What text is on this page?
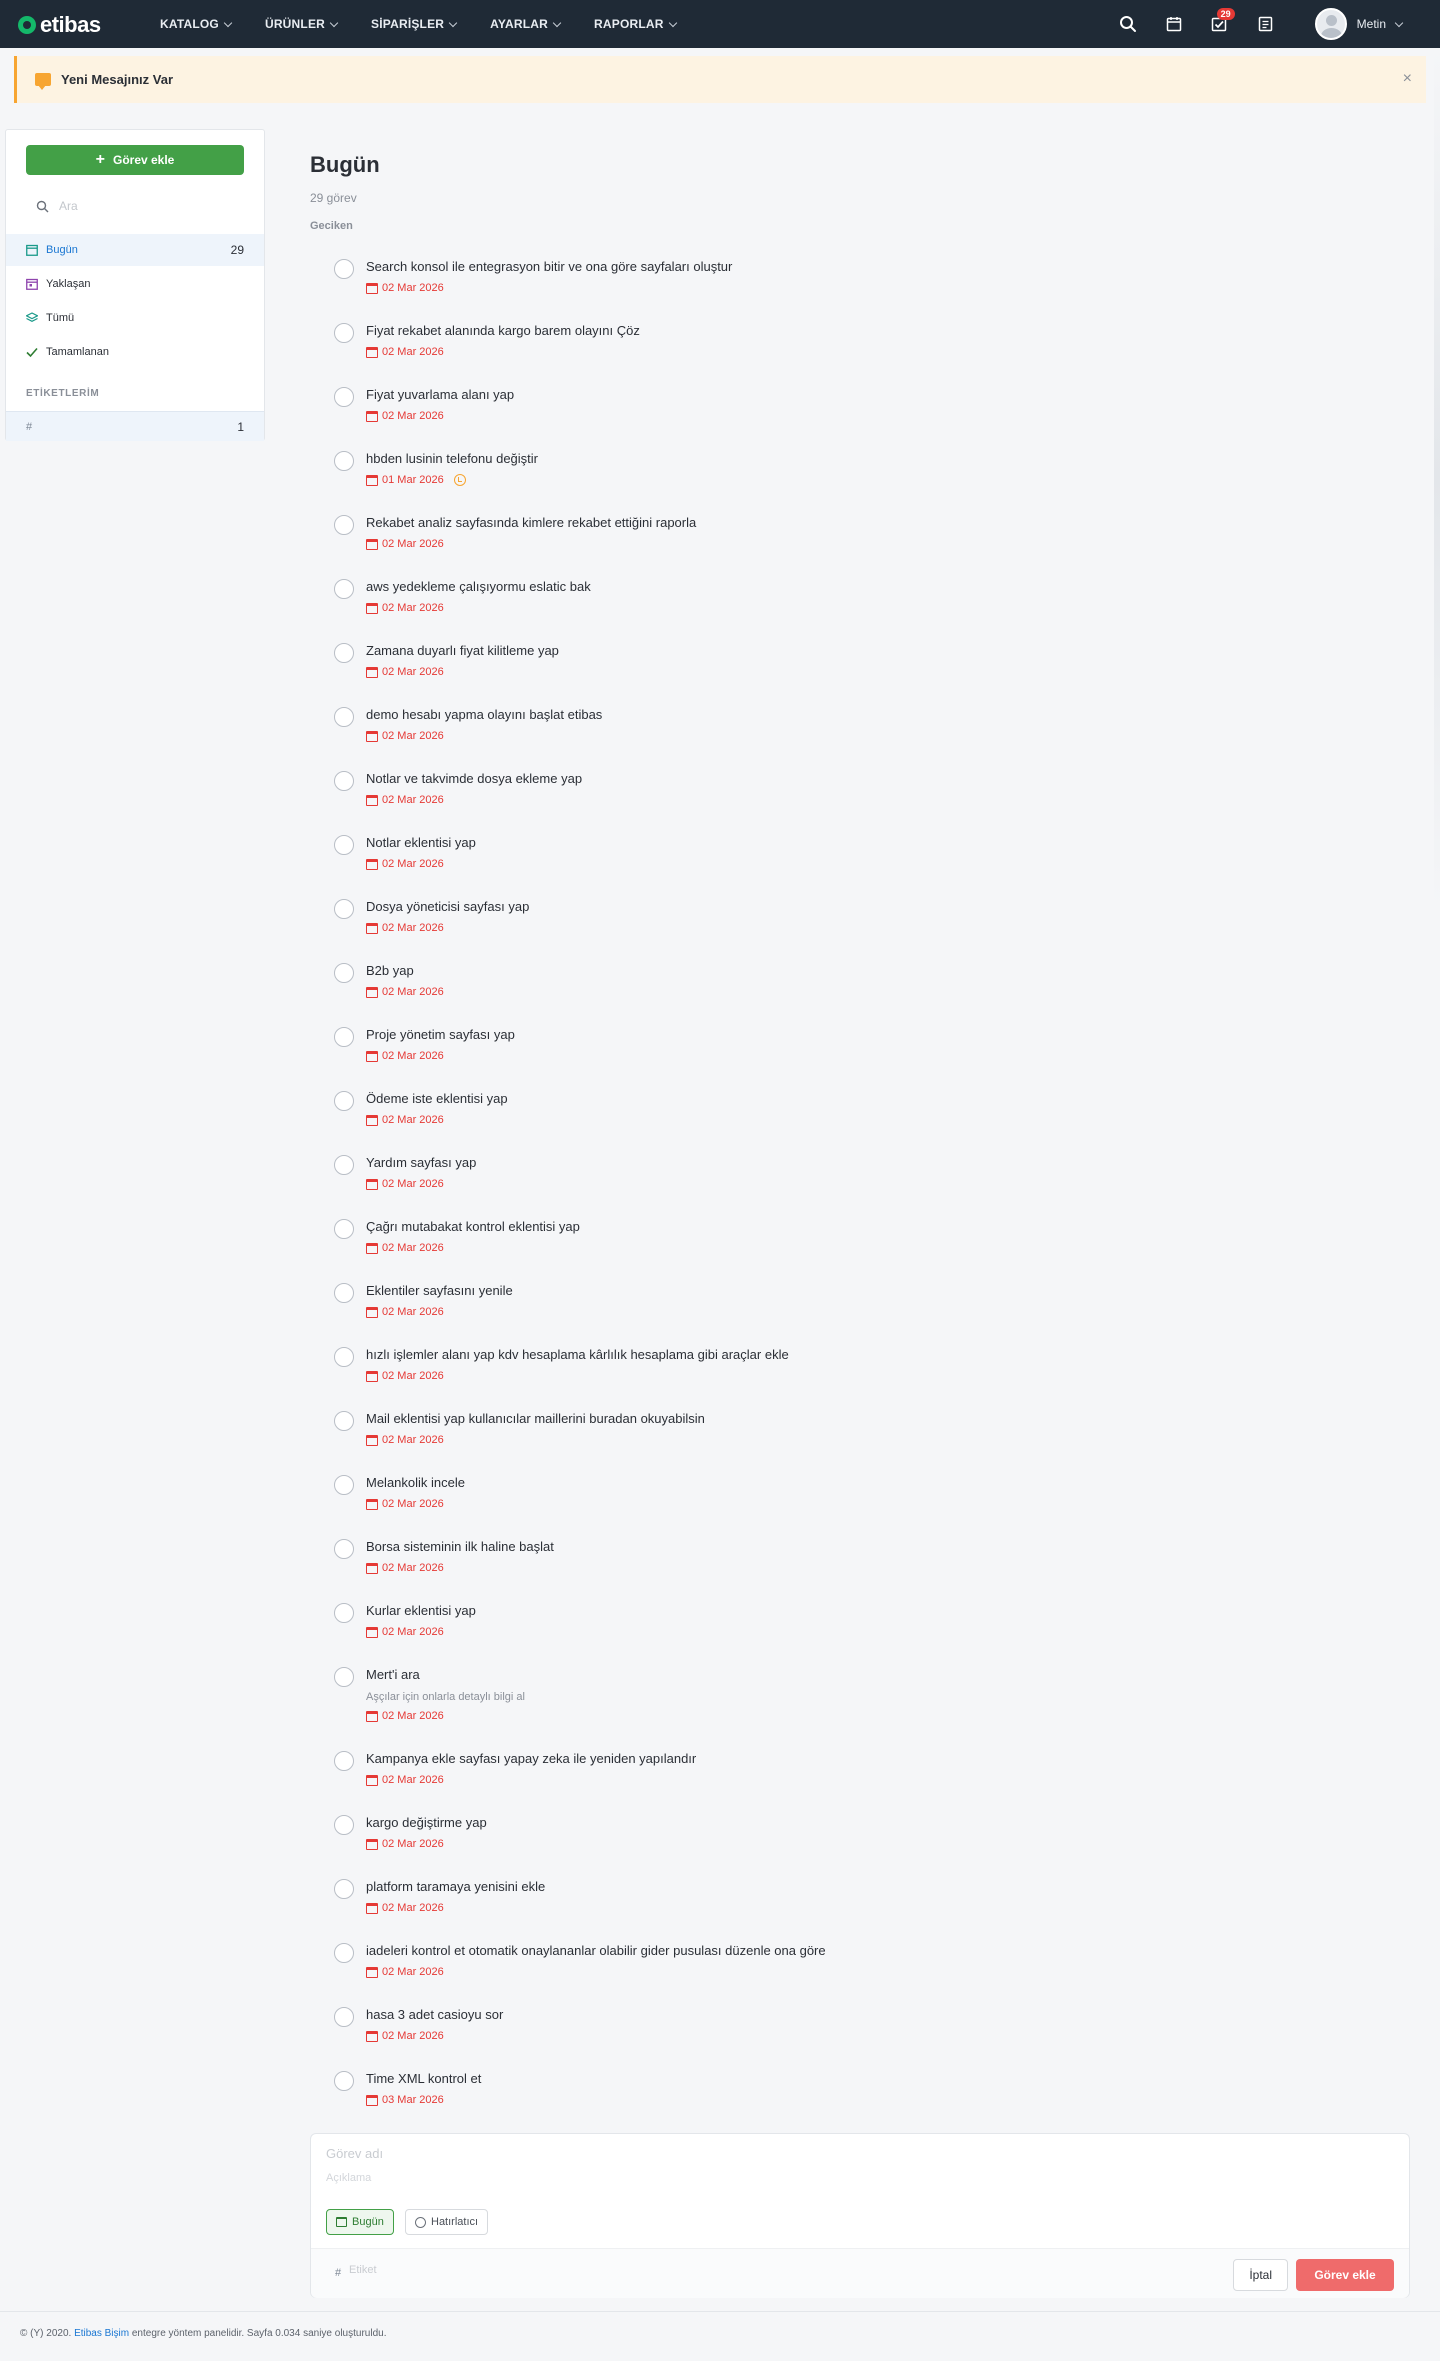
etibas	KATALOG	ÜRÜNLER	SİPARİŞLER	AYARLAR	RAPORLAR
29
Metin
Yeni Mesajınız Var	×
+ Görev ekle
Ara
Bugün	29
Yaklaşan
Tümü
Tamamlanan
ETİKETLERİM
#	1
Bugün
29 görev
Geciken
Search konsol ile entegrasyon bitir ve ona göre sayfaları oluştur
02 Mar 2026
Fiyat rekabet alanında kargo barem olayını Çöz
02 Mar 2026
Fiyat yuvarlama alanı yap
02 Mar 2026
hbden lusinin telefonu değiştir
01 Mar 2026
Rekabet analiz sayfasında kimlere rekabet ettiğini raporla
02 Mar 2026
aws yedekleme çalışıyormu eslatic bak
02 Mar 2026
Zamana duyarlı fiyat kilitleme yap
02 Mar 2026
demo hesabı yapma olayını başlat etibas
02 Mar 2026
Notlar ve takvimde dosya ekleme yap
02 Mar 2026
Notlar eklentisi yap
02 Mar 2026
Dosya yöneticisi sayfası yap
02 Mar 2026
B2b yap
02 Mar 2026
Proje yönetim sayfası yap
02 Mar 2026
Ödeme iste eklentisi yap
02 Mar 2026
Yardım sayfası yap
02 Mar 2026
Çağrı mutabakat kontrol eklentisi yap
02 Mar 2026
Eklentiler sayfasını yenile
02 Mar 2026
hızlı işlemler alanı yap kdv hesaplama kârlılık hesaplama gibi araçlar ekle
02 Mar 2026
Mail eklentisi yap kullanıcılar maillerini buradan okuyabilsin
02 Mar 2026
Melankolik incele
02 Mar 2026
Borsa sisteminin ilk haline başlat
02 Mar 2026
Kurlar eklentisi yap
02 Mar 2026
Mert'i ara
Aşçılar için onlarla detaylı bilgi al
02 Mar 2026
Kampanya ekle sayfası yapay zeka ile yeniden yapılandır
02 Mar 2026
kargo değiştirme yap
02 Mar 2026
platform taramaya yenisini ekle
02 Mar 2026
iadeleri kontrol et otomatik onaylananlar olabilir gider pusulası düzenle ona göre
02 Mar 2026
hasa 3 adet casioyu sor
02 Mar 2026
Time XML kontrol et
03 Mar 2026
Görev adı
Açıklama
Bugün	Hatırlatıcı
#
Etiket	İptal	Görev ekle
© (Y) 2020. Etibas Bişim entegre yöntem panelidir. Sayfa 0.034 saniye oluşturuldu.
